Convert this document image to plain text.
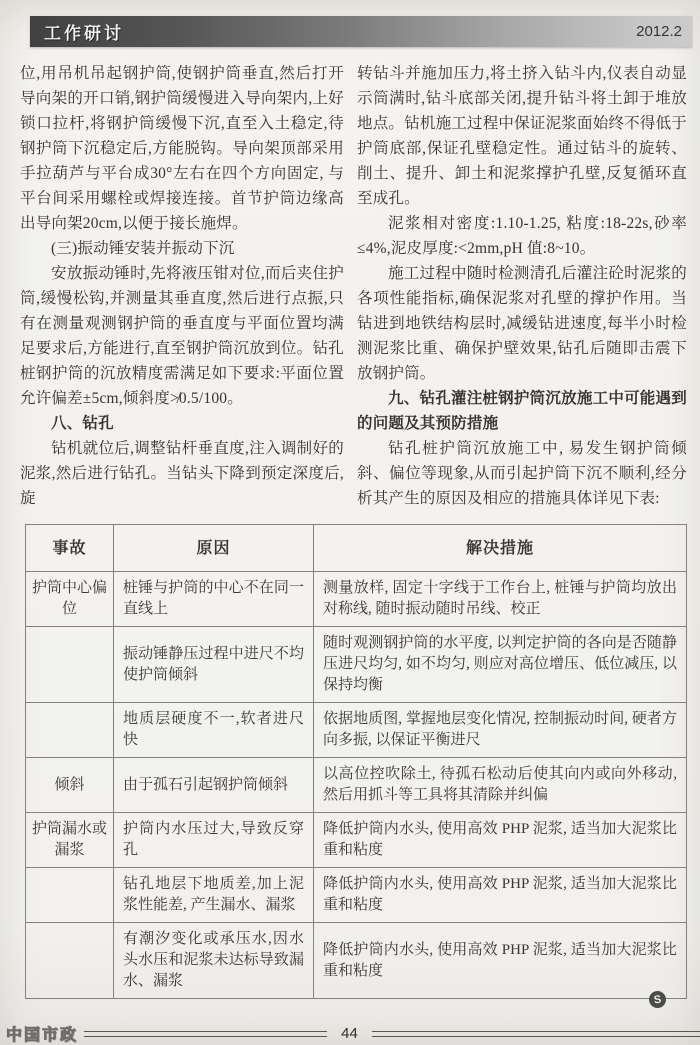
工作研讨	2012.2

位,用吊机吊起钢护筒,使钢护筒垂直,然后打开导向架的开口销,钢护筒缓慢进入导向架内,上好锁口拉杆,将钢护筒缓慢下沉,直至入土稳定,待钢护筒下沉稳定后,方能脱钩。导向架顶部采用手拉葫芦与平台成30°左右在四个方向固定, 与平台间采用螺栓或焊接连接。首节护筒边缘高出导向架20cm,以便于接长施焊。

(三)振动锤安装并振动下沉

安放振动锤时,先将液压钳对位,而后夹住护筒,缓慢松钩,并测量其垂直度,然后进行点振,只有在测量观测钢护筒的垂直度与平面位置均满足要求后,方能进行,直至钢护筒沉放到位。钻孔桩钢护筒的沉放精度需满足如下要求:平面位置允许偏差±5cm,倾斜度≯0.5/100。

八、钻孔

钻机就位后,调整钻杆垂直度,注入调制好的泥浆,然后进行钻孔。当钻头下降到预定深度后,旋

转钻斗并施加压力,将土挤入钻斗内,仪表自动显示筒满时,钻斗底部关闭,提升钻斗将土卸于堆放地点。钻机施工过程中保证泥浆面始终不得低于护筒底部,保证孔壁稳定性。通过钻斗的旋转、削土、提升、卸土和泥浆撑护孔壁,反复循环直至成孔。

泥浆相对密度:1.10-1.25, 粘度:18-22s,砂率≤4%,泥皮厚度:<2mm,pH 值:8~10。

施工过程中随时检测清孔后灌注砼时泥浆的各项性能指标,确保泥浆对孔壁的撑护作用。当钻进到地铁结构层时,减缓钻进速度,每半小时检测泥浆比重、确保护壁效果,钻孔后随即击震下放钢护筒。

九、钻孔灌注桩钢护筒沉放施工中可能遇到的问题及其预防措施

钻孔桩护筒沉放施工中, 易发生钢护筒倾斜、偏位等现象,从而引起护筒下沉不顺利,经分析其产生的原因及相应的措施具体详见下表:

事故	原因	解决措施
护筒中心偏位	桩锤与护筒的中心不在同一直线上	测量放样, 固定十字线于工作台上, 桩锤与护筒均放出对称线, 随时振动随时吊线、校正
	振动锤静压过程中进尺不均使护筒倾斜	随时观测钢护筒的水平度, 以判定护筒的各向是否随静压进尺均匀, 如不均匀, 则应对高位增压、低位减压, 以保持均衡
	地质层硬度不一,软者进尺快	依据地质图, 掌握地层变化情况, 控制振动时间, 硬者方向多振, 以保证平衡进尺
倾斜	由于孤石引起钢护筒倾斜	以高位控吹除土, 待孤石松动后使其向内或向外移动, 然后用抓斗等工具将其清除并纠偏
护筒漏水或漏浆	护筒内水压过大,导致反穿孔	降低护筒内水头, 使用高效 PHP 泥浆, 适当加大泥浆比重和粘度
	钻孔地层下地质差,加上泥浆性能差, 产生漏水、漏浆	降低护筒内水头, 使用高效 PHP 泥浆, 适当加大泥浆比重和粘度
	有潮汐变化或承压水,因水头水压和泥浆未达标导致漏水、漏浆	降低护筒内水头, 使用高效 PHP 泥浆, 适当加大泥浆比重和粘度
S
中国市政	44
